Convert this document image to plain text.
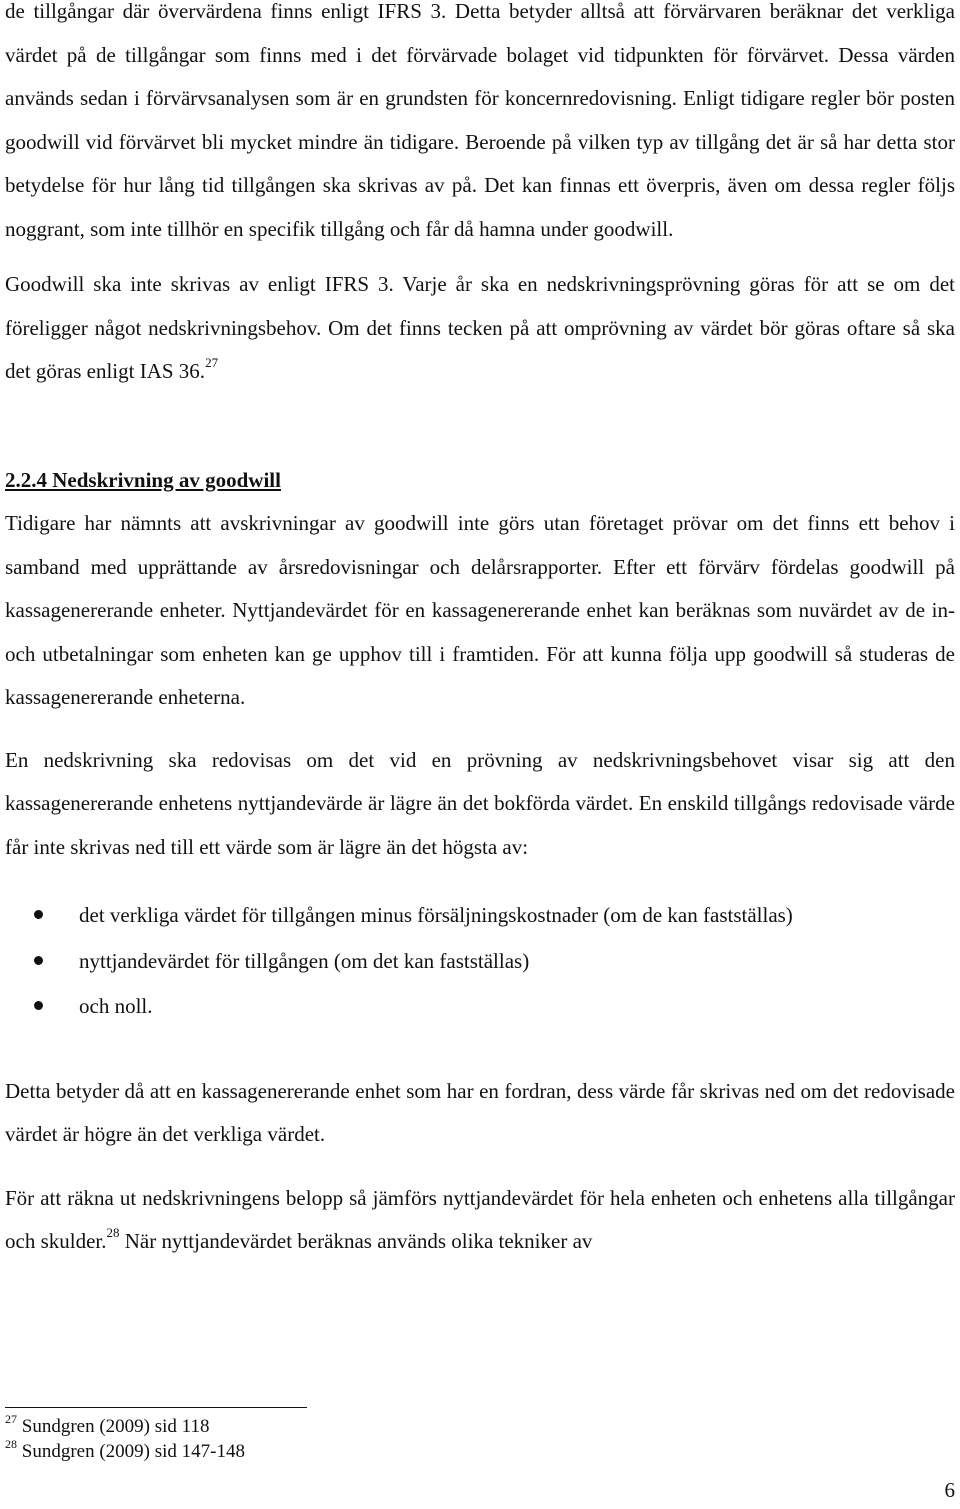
de tillgångar där övervärdena finns enligt IFRS 3. Detta betyder alltså att förvärvaren beräknar det verkliga värdet på de tillgångar som finns med i det förvärvade bolaget vid tidpunkten för förvärvet. Dessa värden används sedan i förvärvsanalysen som är en grundsten för koncernredovisning. Enligt tidigare regler bör posten goodwill vid förvärvet bli mycket mindre än tidigare. Beroende på vilken typ av tillgång det är så har detta stor betydelse för hur lång tid tillgången ska skrivas av på. Det kan finnas ett överpris, även om dessa regler följs noggrant, som inte tillhör en specifik tillgång och får då hamna under goodwill.

Goodwill ska inte skrivas av enligt IFRS 3. Varje år ska en nedskrivningsprövning göras för att se om det föreligger något nedskrivningsbehov. Om det finns tecken på att omprövning av värdet bör göras oftare så ska det göras enligt IAS 36.27

2.2.4 Nedskrivning av goodwill

Tidigare har nämnts att avskrivningar av goodwill inte görs utan företaget prövar om det finns ett behov i samband med upprättande av årsredovisningar och delårsrapporter. Efter ett förvärv fördelas goodwill på kassagenererande enheter. Nyttjandevärdet för en kassagenererande enhet kan beräknas som nuvärdet av de in- och utbetalningar som enheten kan ge upphov till i framtiden. För att kunna följa upp goodwill så studeras de kassagenererande enheterna.

En nedskrivning ska redovisas om det vid en prövning av nedskrivningsbehovet visar sig att den kassagenererande enhetens nyttjandevärde är lägre än det bokförda värdet. En enskild tillgångs redovisade värde får inte skrivas ned till ett värde som är lägre än det högsta av:

det verkliga värdet för tillgången minus försäljningskostnader (om de kan fastställas)
nyttjandevärdet för tillgången (om det kan fastställas)
och noll.

Detta betyder då att en kassagenererande enhet som har en fordran, dess värde får skrivas ned om det redovisade värdet är högre än det verkliga värdet.

För att räkna ut nedskrivningens belopp så jämförs nyttjandevärdet för hela enheten och enhetens alla tillgångar och skulder.$^{28}$ När nyttjandevärdet beräknas används olika tekniker av

$^{27}$ Sundgren (2009) sid 118
$^{28}$ Sundgren (2009) sid 147-148
6
